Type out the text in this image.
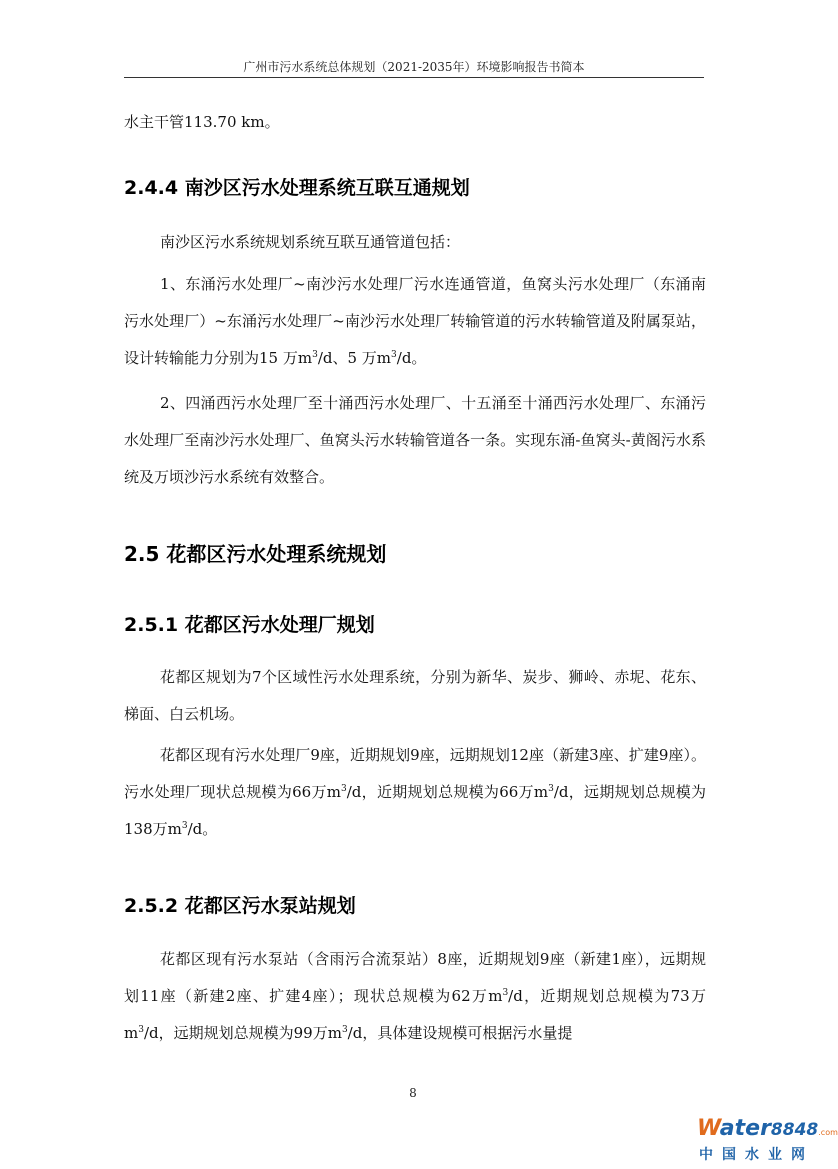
广州市污水系统总体规划（2021-2035年）环境影响报告书简本

水主干管113.70 km。

2.4.4 南沙区污水处理系统互联互通规划

南沙区污水系统规划系统互联互通管道包括：

1、东涌污水处理厂~南沙污水处理厂污水连通管道，鱼窝头污水处理厂（东涌南污水处理厂）~东涌污水处理厂~南沙污水处理厂转输管道的污水转输管道及附属泵站，设计转输能力分别为15 万$m^3/d$、5 万$m^3/d$。

2、四涌西污水处理厂至十涌西污水处理厂、十五涌至十涌西污水处理厂、东涌污水处理厂至南沙污水处理厂、鱼窝头污水转输管道各一条。实现东涌-鱼窝头-黄阁污水系统及万顷沙污水系统有效整合。

2.5 花都区污水处理系统规划
2.5.1 花都区污水处理厂规划

花都区规划为7个区域性污水处理系统，分别为新华、炭步、狮岭、赤坭、花东、梯面、白云机场。

花都区现有污水处理厂9座，近期规划9座，远期规划12座（新建3座、扩建9座）。污水处理厂现状总规模为66万$m^3/d$，近期规划总规模为66万$m^3/d$，远期规划总规模为138万$m^3/d$。

2.5.2 花都区污水泵站规划

花都区现有污水泵站（含雨污合流泵站）8座，近期规划9座（新建1座），远期规划11座（新建2座、扩建4座）；现状总规模为62万$m^3/d$，近期规划总规模为73万$m^3/d$，远期规划总规模为99万$m^3/d$，具体建设规模可根据污水量提

8
Water8848.com
中国水业网
